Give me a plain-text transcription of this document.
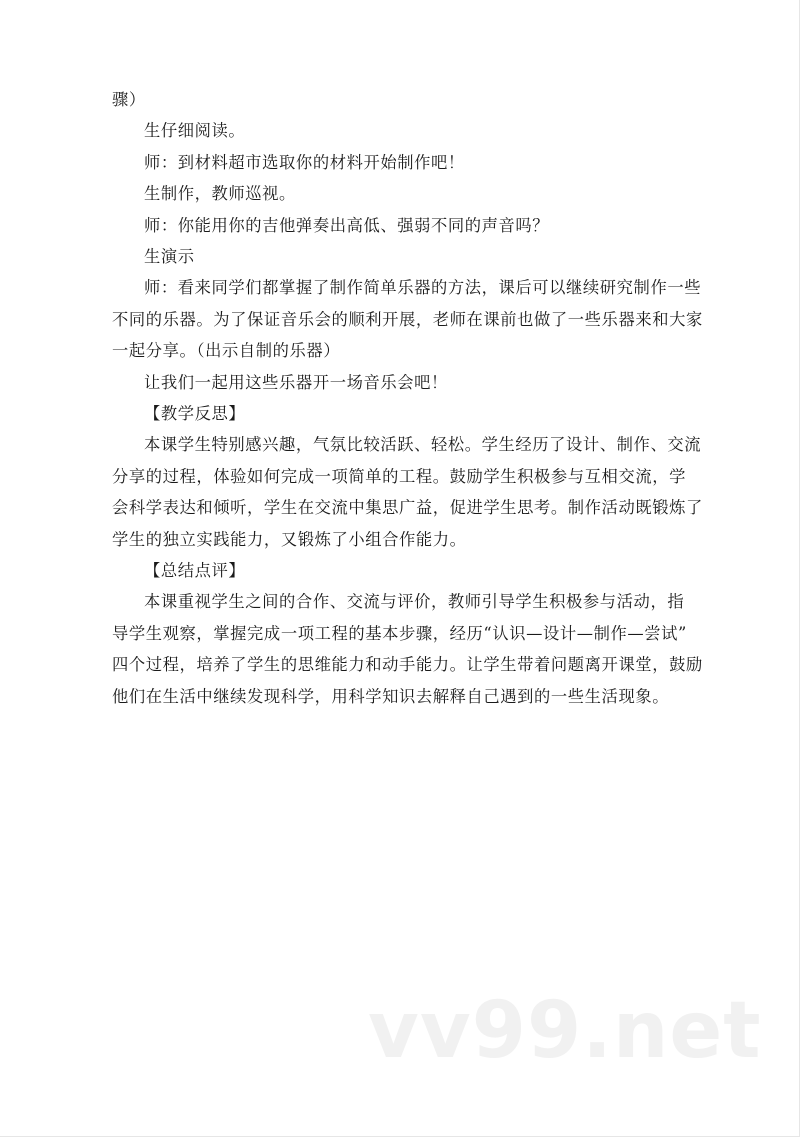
骤）
生仔细阅读。
师：到材料超市选取你的材料开始制作吧！
生制作，教师巡视。
师：你能用你的吉他弹奏出高低、强弱不同的声音吗？
生演示
师：看来同学们都掌握了制作简单乐器的方法，课后可以继续研究制作一些
不同的乐器。为了保证音乐会的顺利开展，老师在课前也做了一些乐器来和大家
一起分享。（出示自制的乐器）
让我们一起用这些乐器开一场音乐会吧！
【教学反思】
本课学生特别感兴趣，气氛比较活跃、轻松。学生经历了设计、制作、交流
分享的过程，体验如何完成一项简单的工程。鼓励学生积极参与互相交流，学
会科学表达和倾听，学生在交流中集思广益，促进学生思考。制作活动既锻炼了
学生的独立实践能力，又锻炼了小组合作能力。
【总结点评】
本课重视学生之间的合作、交流与评价，教师引导学生积极参与活动，指
导学生观察，掌握完成一项工程的基本步骤，经历“认识—设计—制作—尝试”
四个过程，培养了学生的思维能力和动手能力。让学生带着问题离开课堂，鼓励
他们在生活中继续发现科学，用科学知识去解释自己遇到的一些生活现象。
vv99.net
